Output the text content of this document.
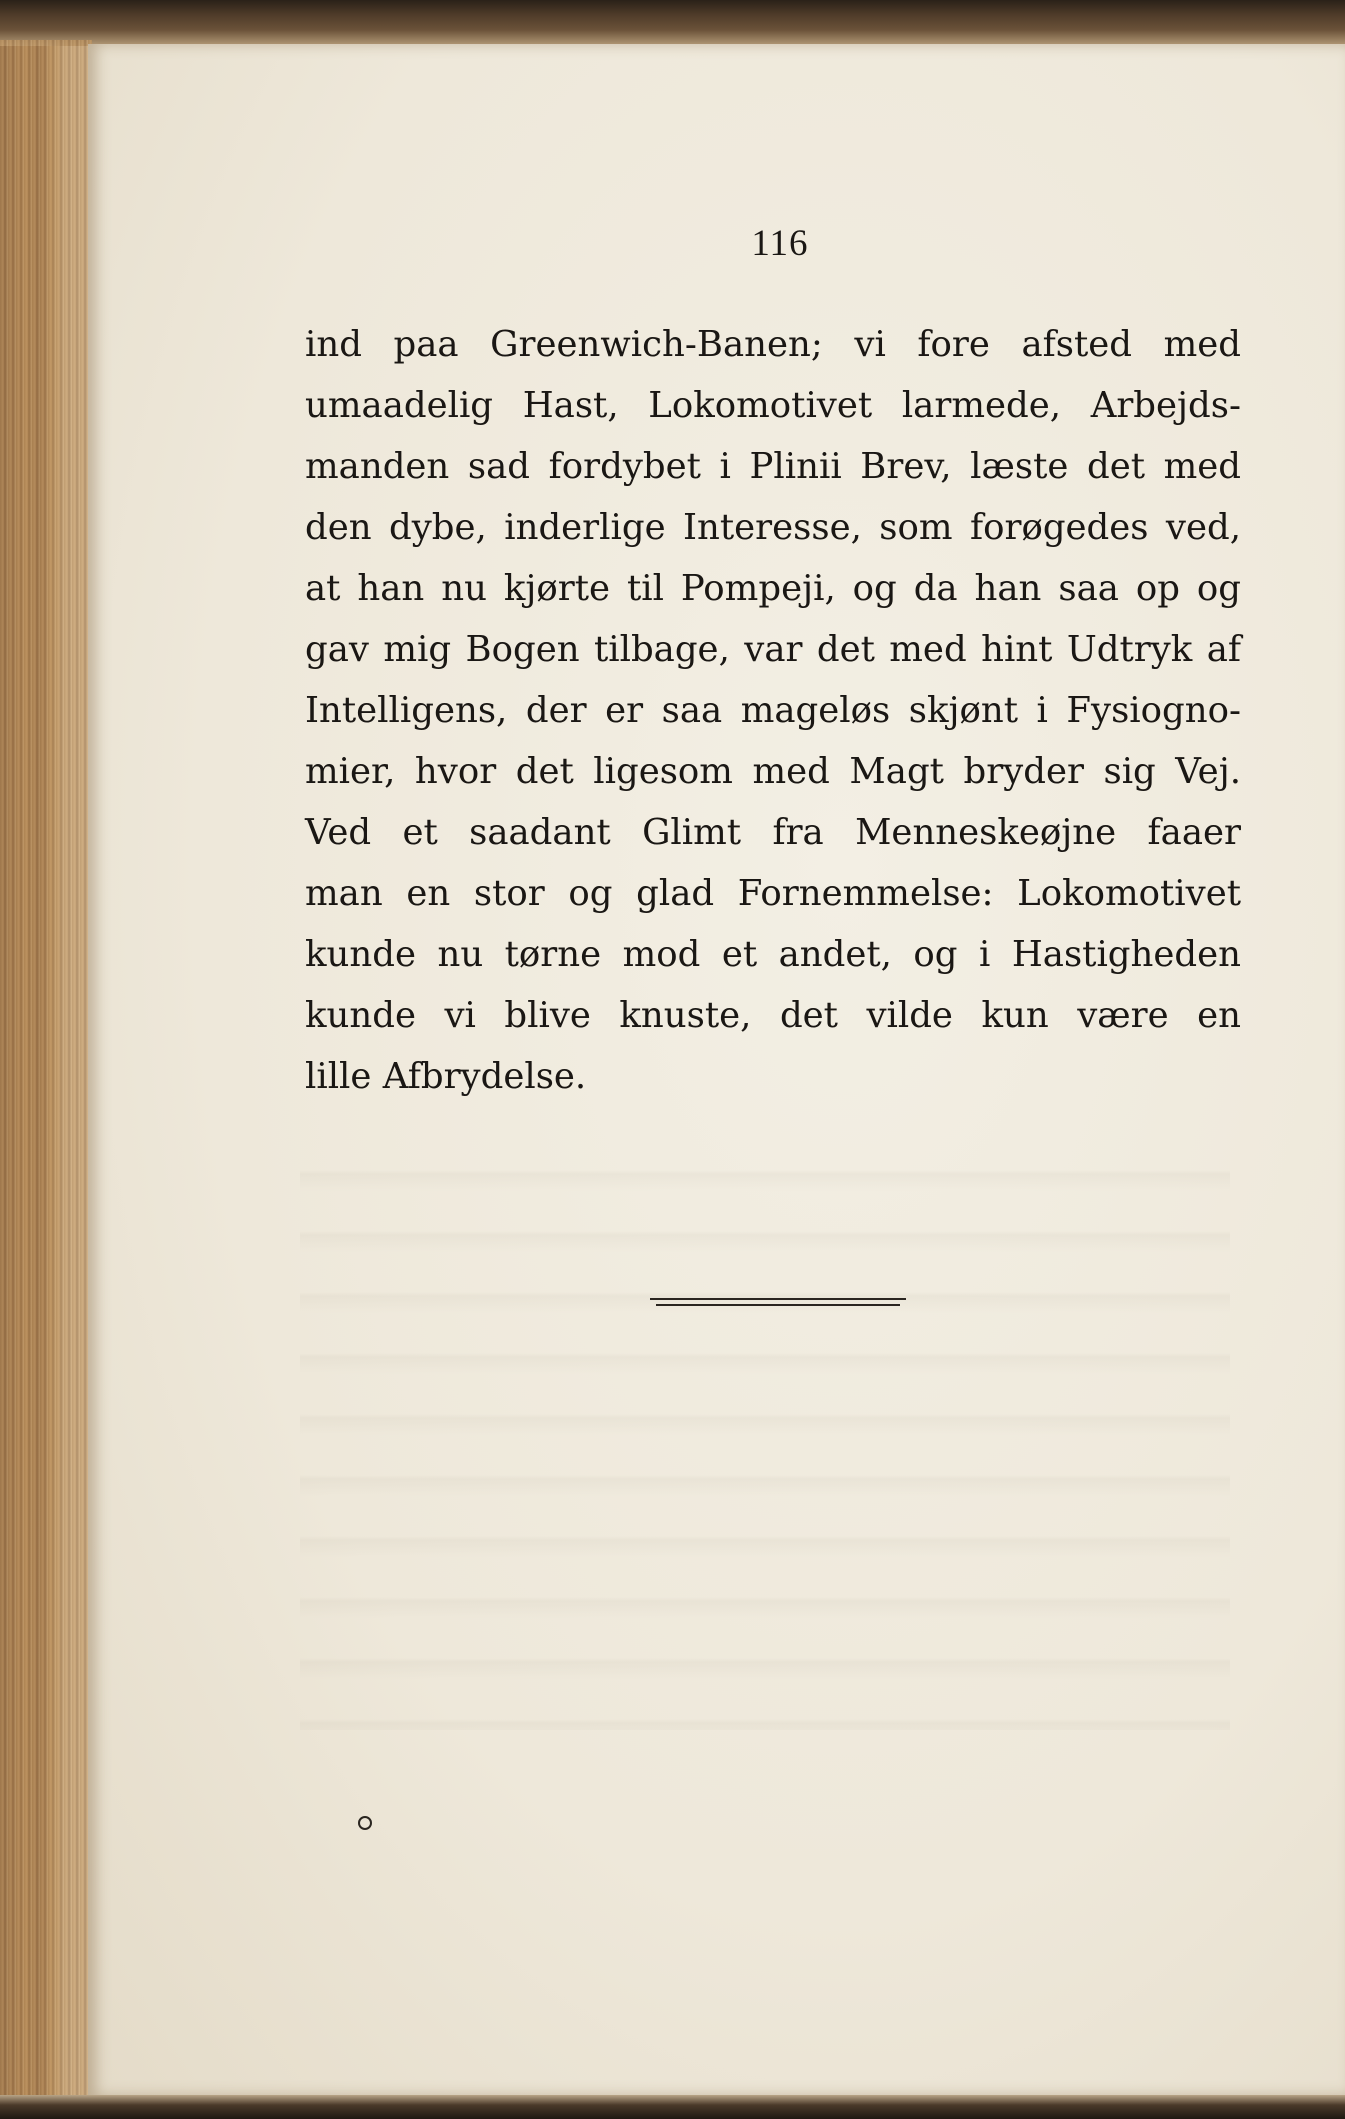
116
ind paa Greenwich-Banen; vi fore afsted med
umaadelig Hast, Lokomotivet larmede, Arbejds-
manden sad fordybet i Plinii Brev, læste det med
den dybe, inderlige Interesse, som forøgedes ved,
at han nu kjørte til Pompeji, og da han saa op og
gav mig Bogen tilbage, var det med hint Udtryk af
Intelligens, der er saa mageløs skjønt i Fysiogno-
mier, hvor det ligesom med Magt bryder sig Vej.
Ved et saadant Glimt fra Menneskeøjne faaer
man en stor og glad Fornemmelse: Lokomotivet
kunde nu tørne mod et andet, og i Hastigheden
kunde vi blive knuste, det vilde kun være en
lille Afbrydelse.
